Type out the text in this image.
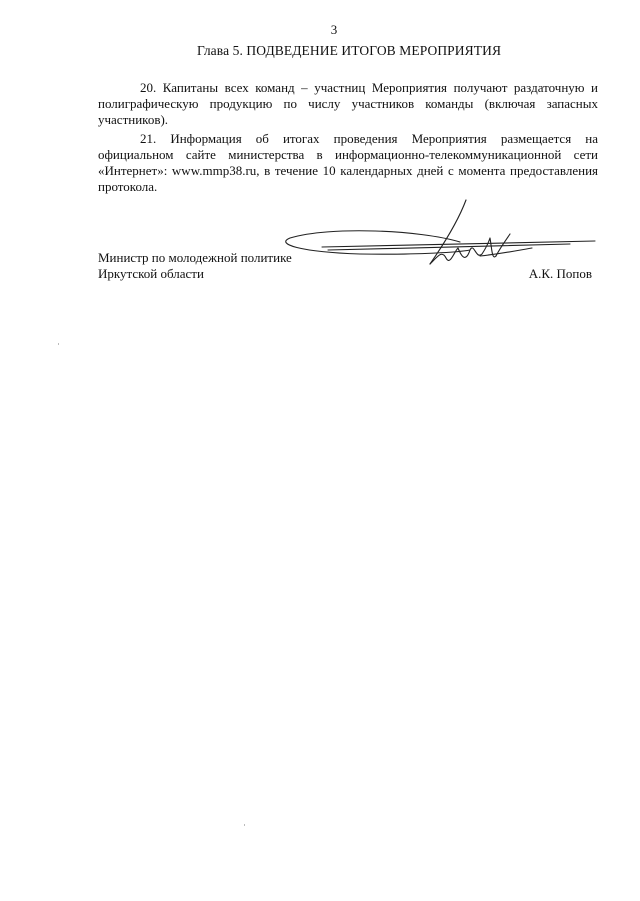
3
Глава 5. ПОДВЕДЕНИЕ ИТОГОВ МЕРОПРИЯТИЯ

20. Капитаны всех команд – участниц Мероприятия получают раздаточную и полиграфическую продукцию по числу участников команды (включая запасных участников).

21. Информация об итогах проведения Мероприятия размещается на официальном сайте министерства в информационно-телекоммуникационной сети «Интернет»: www.mmp38.ru, в течение 10 календарных дней с момента предоставления протокола.

Министр по молодежной политике
Иркутской области	А.К. Попов
